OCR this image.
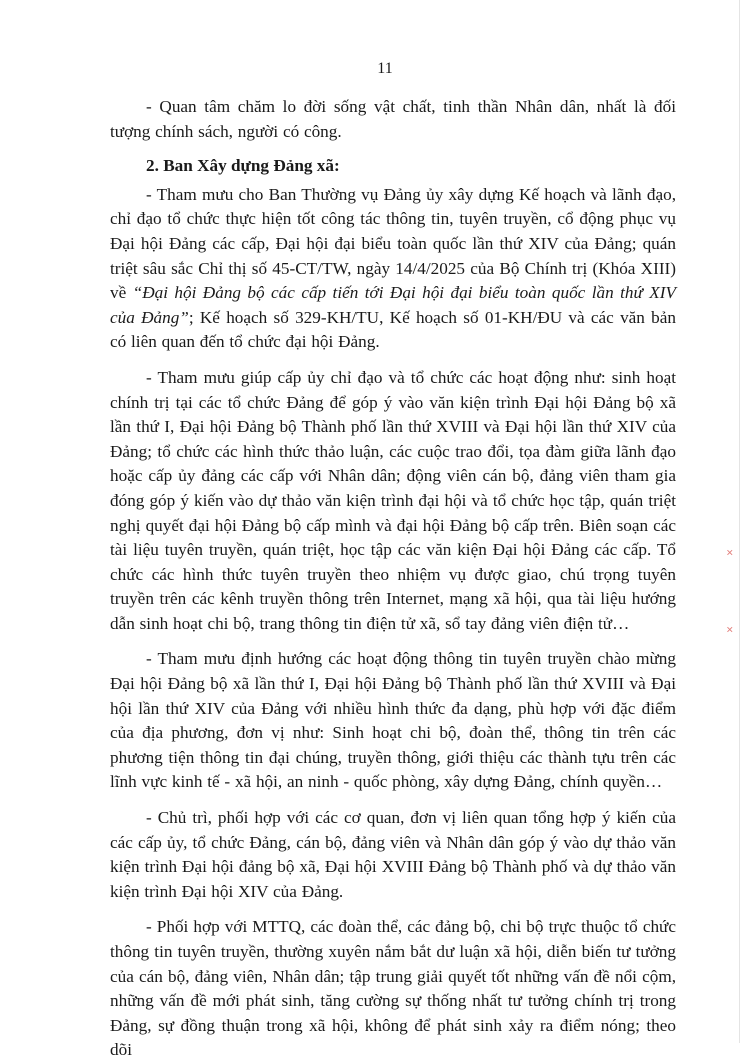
11

- Quan tâm chăm lo đời sống vật chất, tinh thần Nhân dân, nhất là đối tượng chính sách, người có công.

2. Ban Xây dựng Đảng xã:

- Tham mưu cho Ban Thường vụ Đảng ủy xây dựng Kế hoạch và lãnh đạo, chỉ đạo tổ chức thực hiện tốt công tác thông tin, tuyên truyền, cổ động phục vụ Đại hội Đảng các cấp, Đại hội đại biểu toàn quốc lần thứ XIV của Đảng; quán triệt sâu sắc Chỉ thị số 45-CT/TW, ngày 14/4/2025 của Bộ Chính trị (Khóa XIII) về “Đại hội Đảng bộ các cấp tiến tới Đại hội đại biểu toàn quốc lần thứ XIV của Đảng”; Kế hoạch số 329-KH/TU, Kế hoạch số 01-KH/ĐU và các văn bản có liên quan đến tổ chức đại hội Đảng.

- Tham mưu giúp cấp ủy chỉ đạo và tổ chức các hoạt động như: sinh hoạt chính trị tại các tổ chức Đảng để góp ý vào văn kiện trình Đại hội Đảng bộ xã lần thứ I, Đại hội Đảng bộ Thành phố lần thứ XVIII và Đại hội lần thứ XIV của Đảng; tổ chức các hình thức thảo luận, các cuộc trao đổi, tọa đàm giữa lãnh đạo hoặc cấp ủy đảng các cấp với Nhân dân; động viên cán bộ, đảng viên tham gia đóng góp ý kiến vào dự thảo văn kiện trình đại hội và tổ chức học tập, quán triệt nghị quyết đại hội Đảng bộ cấp mình và đại hội Đảng bộ cấp trên. Biên soạn các tài liệu tuyên truyền, quán triệt, học tập các văn kiện Đại hội Đảng các cấp. Tổ chức các hình thức tuyên truyền theo nhiệm vụ được giao, chú trọng tuyên truyền trên các kênh truyền thông trên Internet, mạng xã hội, qua tài liệu hướng dẫn sinh hoạt chi bộ, trang thông tin điện tử xã, sổ tay đảng viên điện tử…

- Tham mưu định hướng các hoạt động thông tin tuyên truyền chào mừng Đại hội Đảng bộ xã lần thứ I, Đại hội Đảng bộ Thành phố lần thứ XVIII và Đại hội lần thứ XIV của Đảng với nhiều hình thức đa dạng, phù hợp với đặc điểm của địa phương, đơn vị như: Sinh hoạt chi bộ, đoàn thể, thông tin trên các phương tiện thông tin đại chúng, truyền thông, giới thiệu các thành tựu trên các lĩnh vực kinh tế - xã hội, an ninh - quốc phòng, xây dựng Đảng, chính quyền…

- Chủ trì, phối hợp với các cơ quan, đơn vị liên quan tổng hợp ý kiến của các cấp ủy, tổ chức Đảng, cán bộ, đảng viên và Nhân dân góp ý vào dự thảo văn kiện trình Đại hội đảng bộ xã, Đại hội XVIII Đảng bộ Thành phố và dự thảo văn kiện trình Đại hội XIV của Đảng.

- Phối hợp với MTTQ, các đoàn thể, các đảng bộ, chi bộ trực thuộc tổ chức thông tin tuyên truyền, thường xuyên nắm bắt dư luận xã hội, diễn biến tư tưởng của cán bộ, đảng viên, Nhân dân; tập trung giải quyết tốt những vấn đề nổi cộm, những vấn đề mới phát sinh, tăng cường sự thống nhất tư tưởng chính trị trong Đảng, sự đồng thuận trong xã hội, không để phát sinh xảy ra điểm nóng; theo dõi

✕
✕
